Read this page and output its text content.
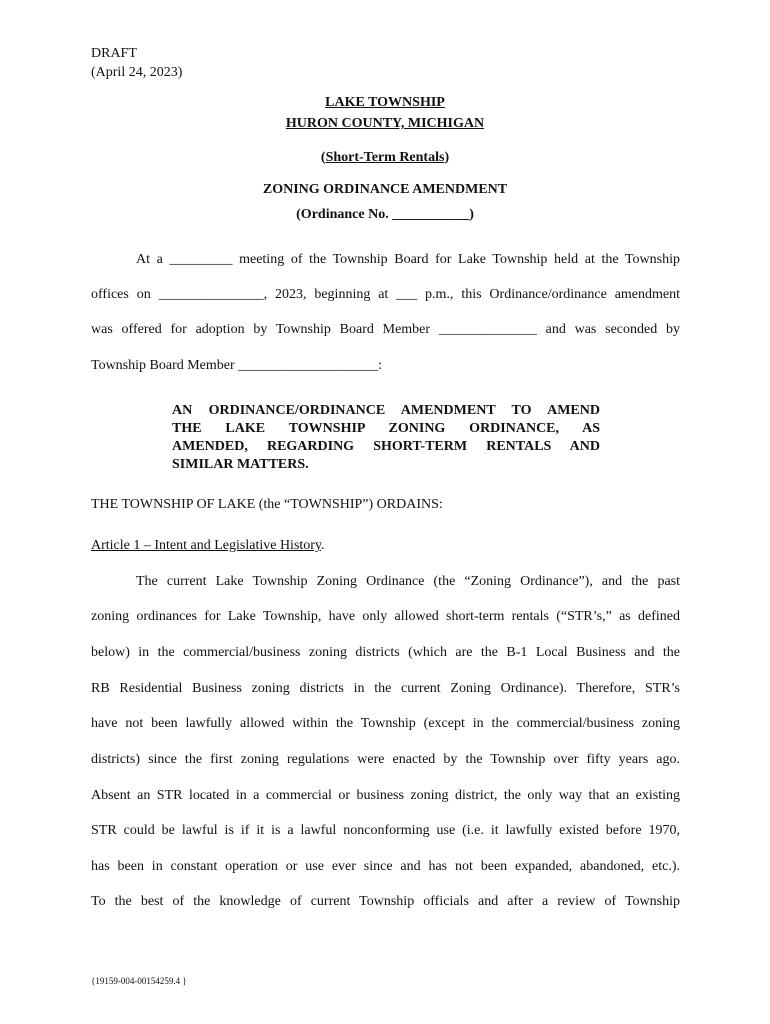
DRAFT
(April 24, 2023)
LAKE TOWNSHIP
HURON COUNTY, MICHIGAN
(Short-Term Rentals)
ZONING ORDINANCE AMENDMENT
(Ordinance No. ___________)
At a _________ meeting of the Township Board for Lake Township held at the Township
offices on _______________, 2023, beginning at ___ p.m., this Ordinance/ordinance amendment
was offered for adoption by Township Board Member ______________ and was seconded by
Township Board Member ____________________:
AN ORDINANCE/ORDINANCE AMENDMENT TO AMEND
THE LAKE TOWNSHIP ZONING ORDINANCE, AS
AMENDED, REGARDING SHORT-TERM RENTALS AND
SIMILAR MATTERS.
THE TOWNSHIP OF LAKE (the “TOWNSHIP”) ORDAINS:
Article 1 – Intent and Legislative History.
The current Lake Township Zoning Ordinance (the “Zoning Ordinance”), and the past
zoning ordinances for Lake Township, have only allowed short-term rentals (“STR’s,” as defined
below) in the commercial/business zoning districts (which are the B-1 Local Business and the
RB Residential Business zoning districts in the current Zoning Ordinance). Therefore, STR’s
have not been lawfully allowed within the Township (except in the commercial/business zoning
districts) since the first zoning regulations were enacted by the Township over fifty years ago.
Absent an STR located in a commercial or business zoning district, the only way that an existing
STR could be lawful is if it is a lawful nonconforming use (i.e. it lawfully existed before 1970,
has been in constant operation or use ever since and has not been expanded, abandoned, etc.).
To the best of the knowledge of current Township officials and after a review of Township
{19159-004-00154259.4 }
